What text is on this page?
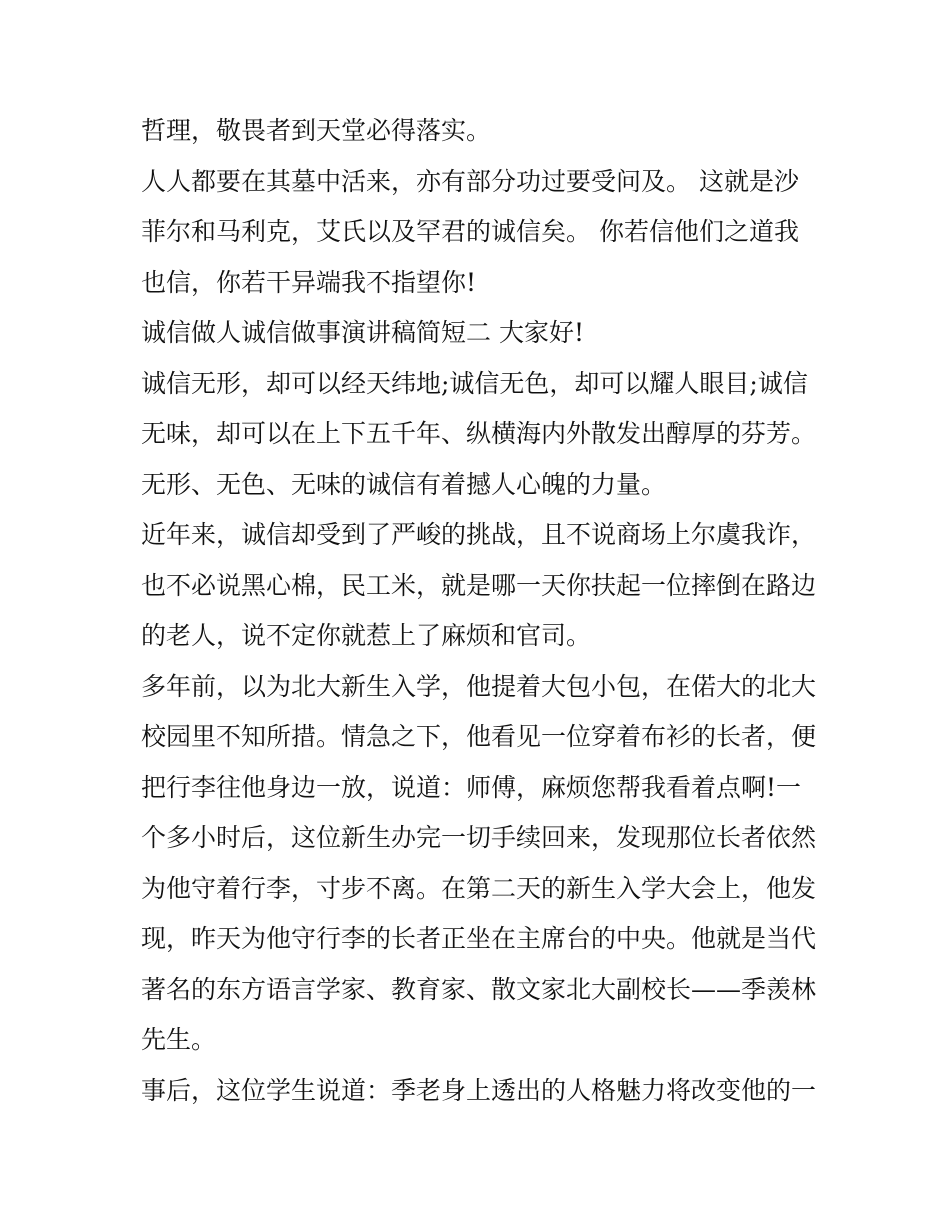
哲理，敬畏者到天堂必得落实。
人人都要在其墓中活来，亦有部分功过要受问及。 这就是沙
菲尔和马利克，艾氏以及罕君的诚信矣。 你若信他们之道我
也信，你若干异端我不指望你!
诚信做人诚信做事演讲稿简短二 大家好!
诚信无形，却可以经天纬地;诚信无色，却可以耀人眼目;诚信
无味，却可以在上下五千年、纵横海内外散发出醇厚的芬芳。
无形、无色、无味的诚信有着撼人心魄的力量。
近年来，诚信却受到了严峻的挑战，且不说商场上尔虞我诈，
也不必说黑心棉，民工米，就是哪一天你扶起一位摔倒在路边
的老人，说不定你就惹上了麻烦和官司。
多年前，以为北大新生入学，他提着大包小包，在偌大的北大
校园里不知所措。情急之下，他看见一位穿着布衫的长者，便
把行李往他身边一放，说道：师傅，麻烦您帮我看着点啊!一
个多小时后，这位新生办完一切手续回来，发现那位长者依然
为他守着行李，寸步不离。在第二天的新生入学大会上，他发
现，昨天为他守行李的长者正坐在主席台的中央。他就是当代
著名的东方语言学家、教育家、散文家北大副校长——季羡林
先生。
事后，这位学生说道：季老身上透出的人格魅力将改变他的一
